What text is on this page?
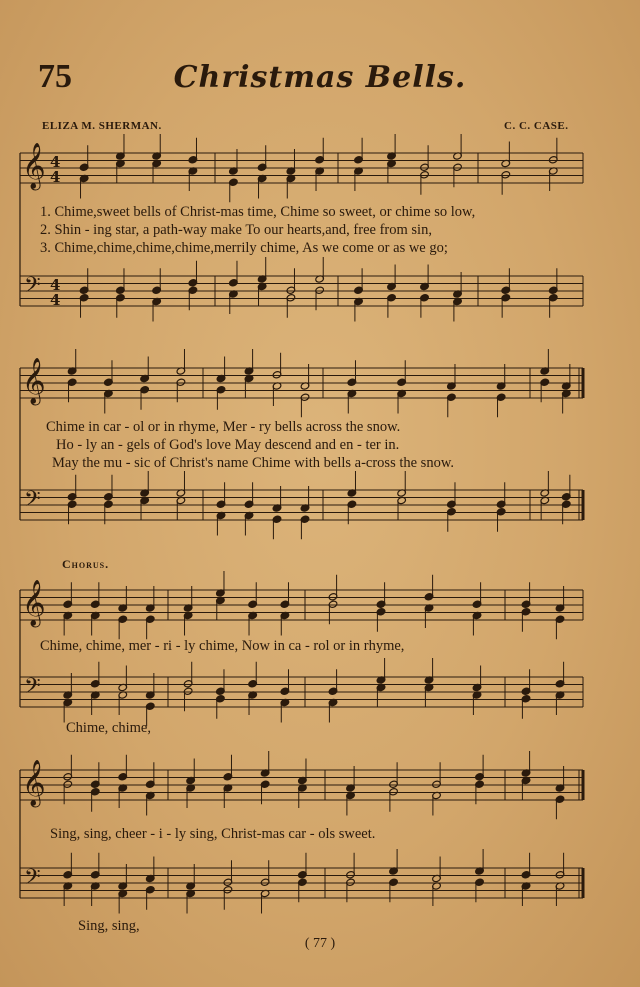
75	Christmas Bells.
ELIZA M. SHERMAN.	C. C. CASE.
𝄞
𝄢
4
4
4
4
𝄞
𝄢
𝄞
𝄢
𝄞
𝄢
1. Chime,sweet bells of Christ-mas time, Chime so sweet, or chime so low,
2. Shin - ing star, a path-way make To our hearts,and, free from sin,
3. Chime,chime,chime,chime,merrily chime, As we come or as we go;
Chime in car - ol or in rhyme, Mer - ry bells across the snow.
Ho - ly an - gels of God's love May descend and en - ter in.
May the mu - sic of Christ's name Chime with bells a-cross the snow.
Chorus.
Chime, chime, mer - ri - ly chime, Now in ca - rol or in rhyme,
Chime, chime,
Sing, sing, cheer - i - ly sing, Christ-mas car - ols sweet.
Sing, sing,
( 77 )
